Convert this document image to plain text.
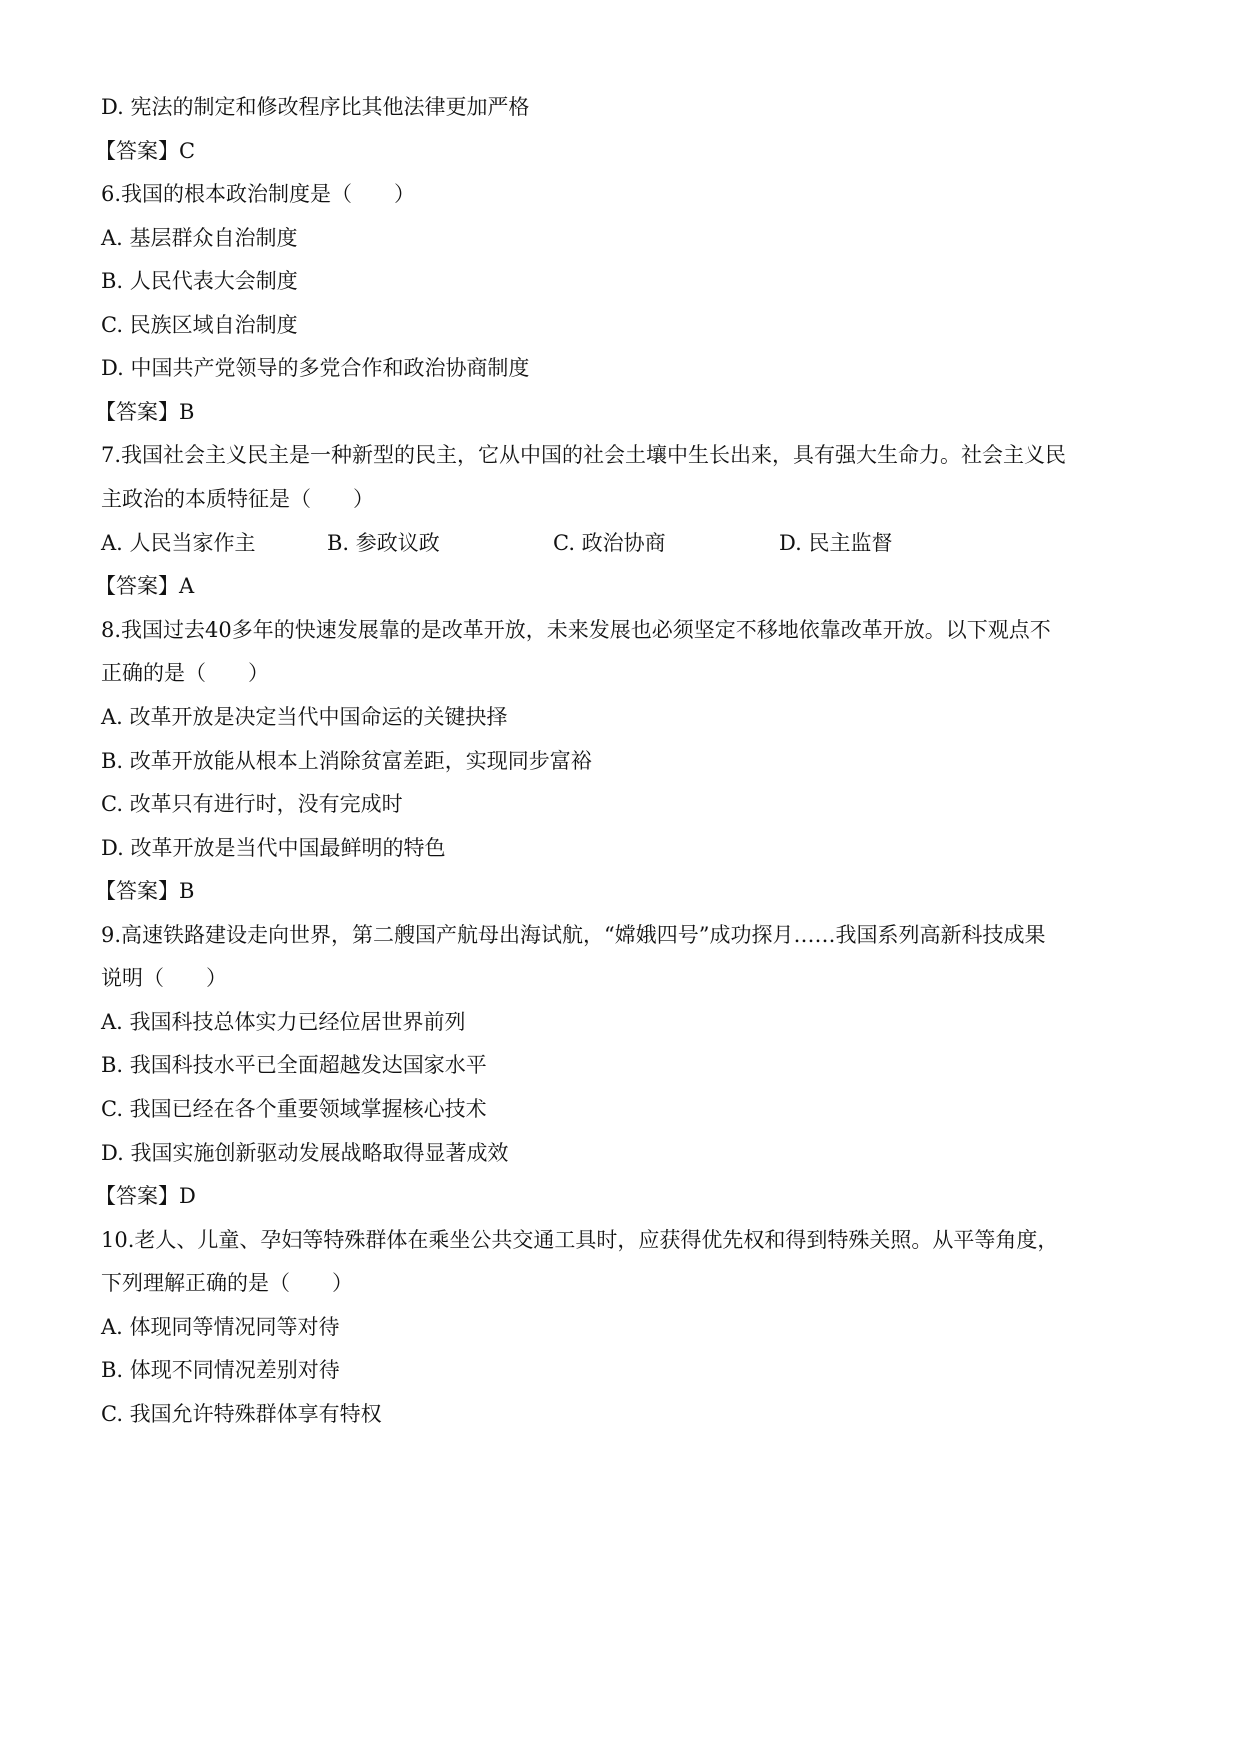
D. 宪法的制定和修改程序比其他法律更加严格
【答案】C
6.我国的根本政治制度是（　　）
A. 基层群众自治制度
B. 人民代表大会制度
C. 民族区域自治制度
D. 中国共产党领导的多党合作和政治协商制度
【答案】B
7.我国社会主义民主是一种新型的民主，它从中国的社会土壤中生长出来，具有强大生命力。社会主义民
主政治的本质特征是（　　）
A. 人民当家作主	B. 参政议政	C. 政治协商	D. 民主监督
【答案】A
8.我国过去40多年的快速发展靠的是改革开放，未来发展也必须坚定不移地依靠改革开放。以下观点不
正确的是（　　）
A. 改革开放是决定当代中国命运的关键抉择
B. 改革开放能从根本上消除贫富差距，实现同步富裕
C. 改革只有进行时，没有完成时
D. 改革开放是当代中国最鲜明的特色
【答案】B
9.高速铁路建设走向世界，第二艘国产航母出海试航，“嫦娥四号”成功探月……我国系列高新科技成果
说明（　　）
A. 我国科技总体实力已经位居世界前列
B. 我国科技水平已全面超越发达国家水平
C. 我国已经在各个重要领域掌握核心技术
D. 我国实施创新驱动发展战略取得显著成效
【答案】D
10.老人、儿童、孕妇等特殊群体在乘坐公共交通工具时，应获得优先权和得到特殊关照。从平等角度，
下列理解正确的是（　　）
A. 体现同等情况同等对待
B. 体现不同情况差别对待
C. 我国允许特殊群体享有特权
